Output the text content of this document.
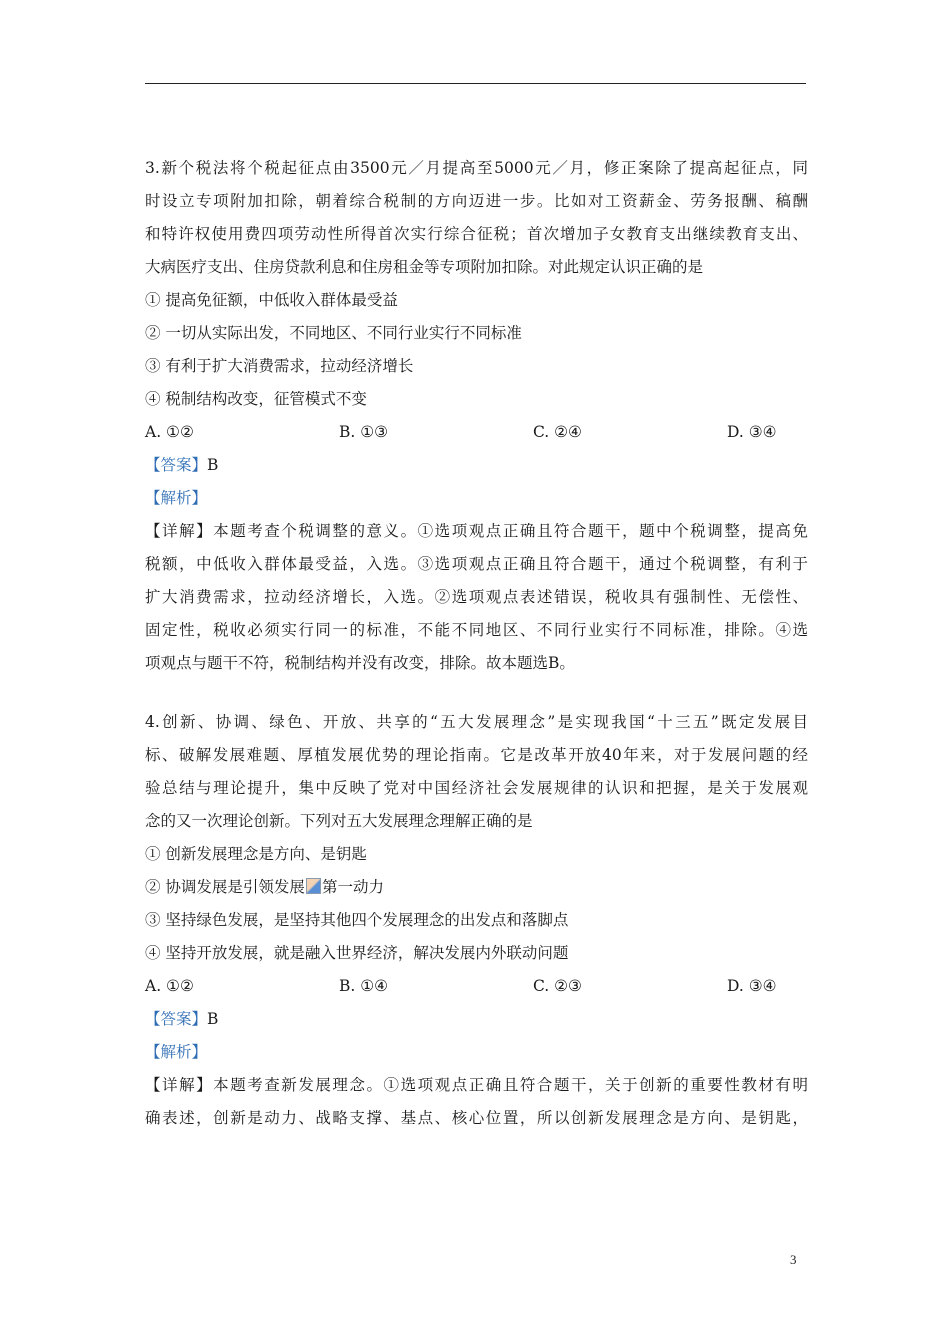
3.新个税法将个税起征点由3500元／月提高至5000元／月，修正案除了提高起征点，同
时设立专项附加扣除，朝着综合税制的方向迈进一步。比如对工资薪金、劳务报酬、稿酬
和特许权使用费四项劳动性所得首次实行综合征税；首次增加子女教育支出继续教育支出、
大病医疗支出、住房贷款利息和住房租金等专项附加扣除。对此规定认识正确的是
① 提高免征额，中低收入群体最受益
② 一切从实际出发，不同地区、不同行业实行不同标准
③ 有利于扩大消费需求，拉动经济增长
④ 税制结构改变，征管模式不变
A. ①②	B. ①③	C. ②④	D. ③④
【答案】B
【解析】
【详解】本题考查个税调整的意义。①选项观点正确且符合题干，题中个税调整，提高免
税额，中低收入群体最受益，入选。③选项观点正确且符合题干，通过个税调整，有利于
扩大消费需求，拉动经济增长，入选。②选项观点表述错误，税收具有强制性、无偿性、
固定性，税收必须实行同一的标准，不能不同地区、不同行业实行不同标准，排除。④选
项观点与题干不符，税制结构并没有改变，排除。故本题选B。
4.创新、协调、绿色、开放、共享的“五大发展理念”是实现我国“十三五”既定发展目
标、破解发展难题、厚植发展优势的理论指南。它是改革开放40年来，对于发展问题的经
验总结与理论提升，集中反映了党对中国经济社会发展规律的认识和把握，是关于发展观
念的又一次理论创新。下列对五大发展理念理解正确的是
① 创新发展理念是方向、是钥匙
② 协调发展是引领发展 第一动力
③ 坚持绿色发展，是坚持其他四个发展理念的出发点和落脚点
④ 坚持开放发展，就是融入世界经济，解决发展内外联动问题
A. ①②	B. ①④	C. ②③	D. ③④
【答案】B
【解析】
【详解】本题考查新发展理念。①选项观点正确且符合题干，关于创新的重要性教材有明
确表述，创新是动力、战略支撑、基点、核心位置，所以创新发展理念是方向、是钥匙，
3
